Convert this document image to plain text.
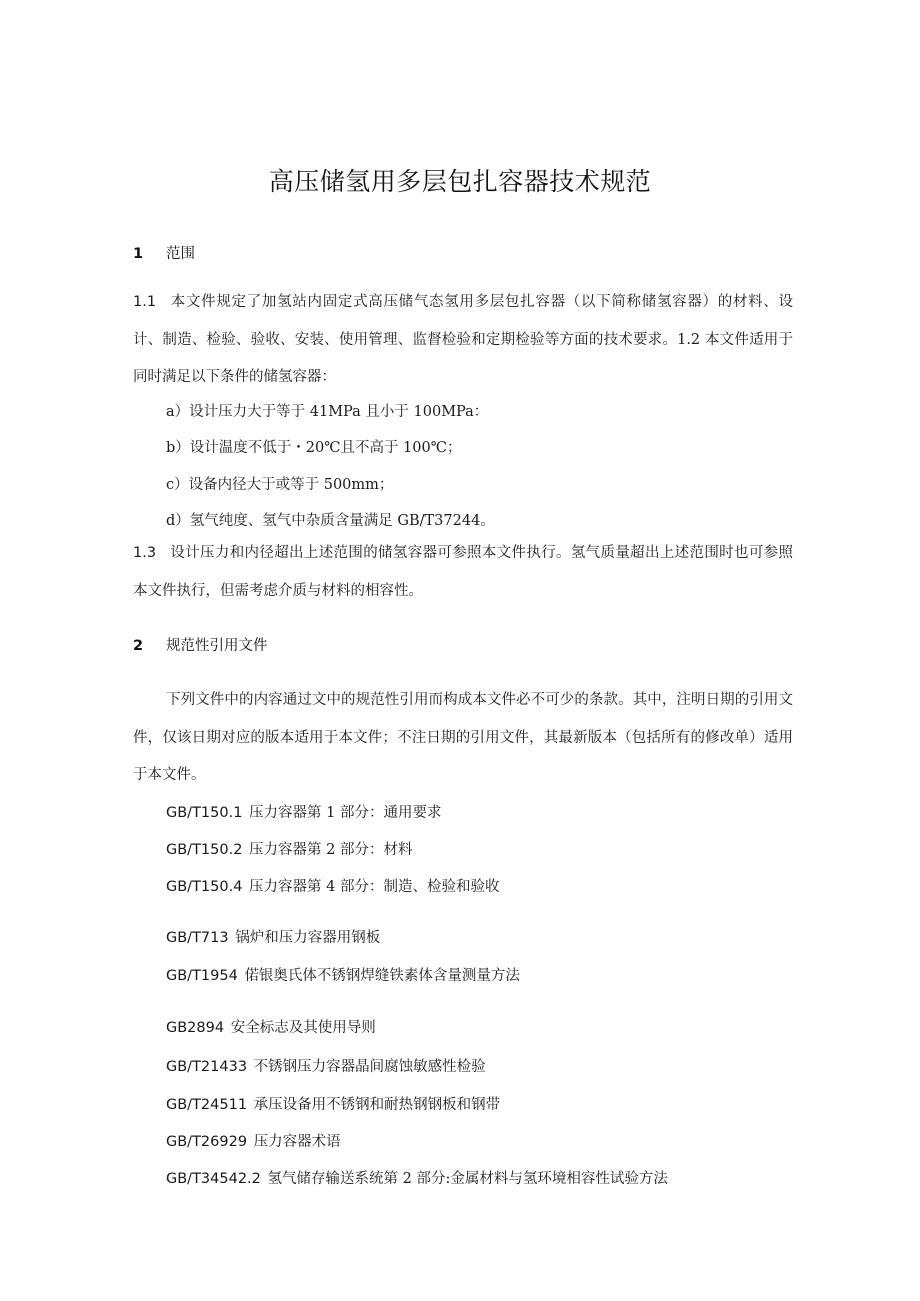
高压储氢用多层包扎容器技术规范
1 范围
1.1 本文件规定了加氢站内固定式高压储气态氢用多层包扎容器（以下简称储氢容器）的材料、设计、制造、检验、验收、安装、使用管理、监督检验和定期检验等方面的技术要求。1.2 本文件适用于同时满足以下条件的储氢容器：
a）设计压力大于等于 41MPa 且小于 100MPa：
b）设计温度不低于・20℃且不高于 100℃；
c）设备内径大于或等于 500mm；
d）氢气纯度、氢气中杂质含量满足 GB/T37244。
1.3 设计压力和内径超出上述范围的储氢容器可参照本文件执行。氢气质量超出上述范围时也可参照本文件执行，但需考虑介质与材料的相容性。
2 规范性引用文件
下列文件中的内容通过文中的规范性引用而构成本文件必不可少的条款。其中，注明日期的引用文件，仅该日期对应的版本适用于本文件；不注日期的引用文件，其最新版本（包括所有的修改单）适用于本文件。
GB/T150.1 压力容器第 1 部分：通用要求
GB/T150.2 压力容器第 2 部分：材料
GB/T150.4 压力容器第 4 部分：制造、检验和验收
GB/T713 锅炉和压力容器用钢板
GB/T1954 偌银奥氏体不锈钢焊缝铁素体含量测量方法
GB2894 安全标志及其使用导则
GB/T21433 不锈钢压力容器晶间腐蚀敏感性检验
GB/T24511 承压设备用不锈钢和耐热钢钢板和钢带
GB/T26929 压力容器术语
GB/T34542.2 氢气储存输送系统第 2 部分:金属材料与氢环境相容性试验方法
